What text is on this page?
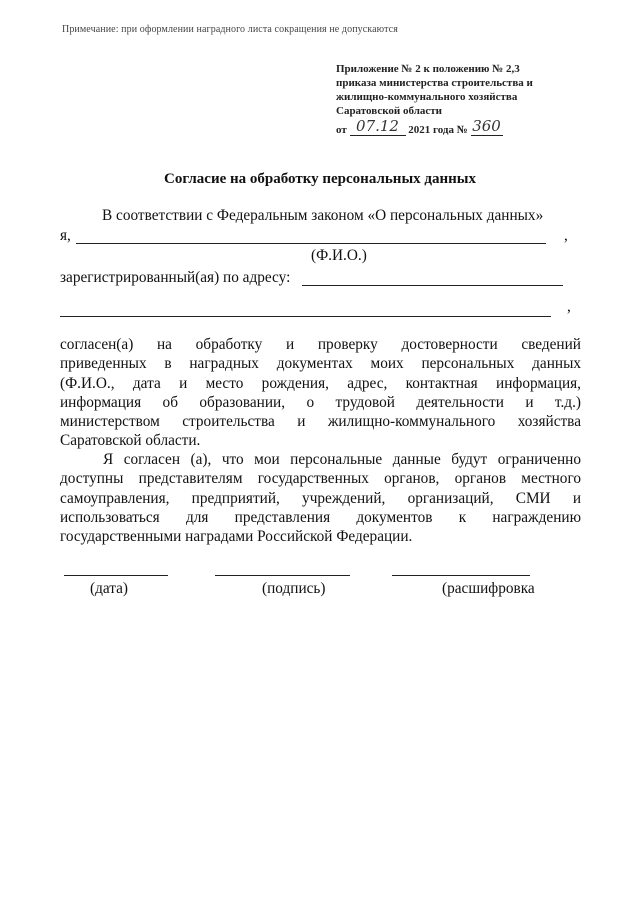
Примечание: при оформлении наградного листа сокращения не допускаются
Приложение № 2 к положению № 2,3
приказа министерства строительства и
жилищно-коммунального хозяйства
Саратовской области
от 07.12 2021 года № 360
Согласие на обработку персональных данных
В соответствии с Федеральным законом «О персональных данных»
я,	,
(Ф.И.О.)
зарегистрированный(ая) по адресу:
,
согласен(а) на обработку и проверку достоверности сведений
приведенных в наградных документах моих персональных данных
(Ф.И.О., дата и место рождения, адрес, контактная информация,
информация об образовании, о трудовой деятельности и т.д.)
министерством строительства и жилищно-коммунального хозяйства
Саратовской области.
Я согласен (а), что мои персональные данные будут ограниченно
доступны представителям государственных органов, органов местного
самоуправления, предприятий, учреждений, организаций, СМИ и
использоваться для представления документов к награждению
государственными наградами Российской Федерации.
(дата)	(подпись)	(расшифровка
